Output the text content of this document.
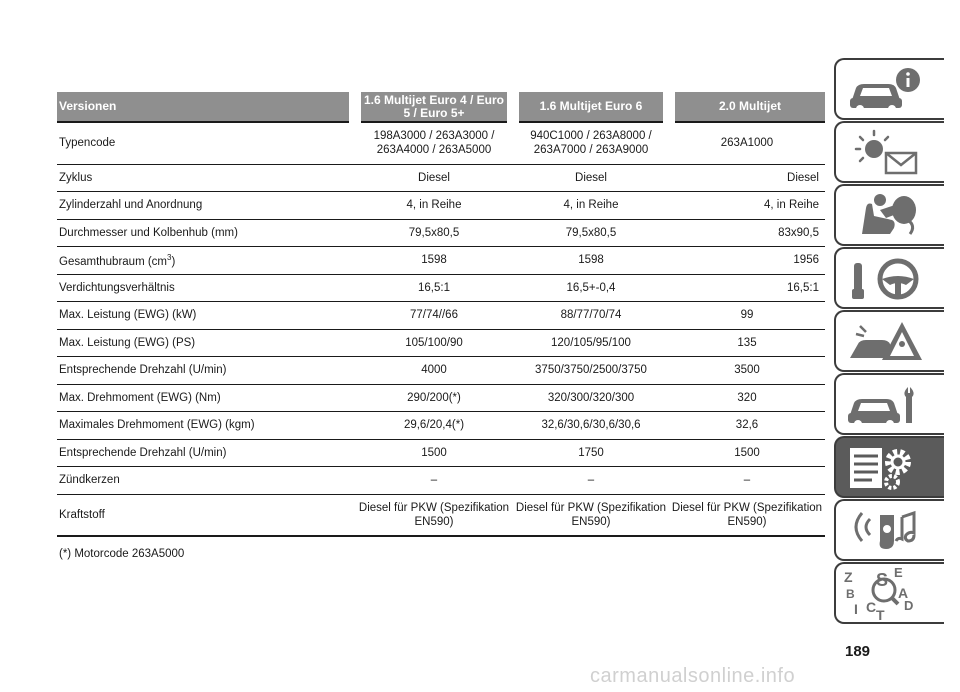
Versionen	1.6 Multijet Euro 4 / Euro 5 / Euro 5+	1.6 Multijet Euro 6	2.0 Multijet
Typencode	198A3000 / 263A3000 / 263A4000 / 263A5000	940C1000 / 263A8000 / 263A7000 / 263A9000	263A1000
Zyklus	Diesel	Diesel	Diesel
Zylinderzahl und Anordnung	4, in Reihe	4, in Reihe	4, in Reihe
Durchmesser und Kolbenhub (mm)	79,5x80,5	79,5x80,5	83x90,5
Gesamthubraum $(cm^3)$	1598	1598	1956
Verdichtungsverhältnis	16,5:1	16,5+-0,4	16,5:1
Max. Leistung (EWG) (kW)	77/74//66	88/77/70/74	99
Max. Leistung (EWG) (PS)	105/100/90	120/105/95/100	135
Entsprechende Drehzahl (U/min)	4000	3750/3750/2500/3750	3500
Max. Drehmoment (EWG) (Nm)	290/200(*)	320/300/320/300	320
Maximales Drehmoment (EWG) (kgm)	29,6/20,4(*)	32,6/30,6/30,6/30,6	32,6
Entsprechende Drehzahl (U/min)	1500	1750	1500
Zündkerzen	–	–	–
Kraftstoff	Diesel für PKW (Spezifikation EN590)	Diesel für PKW (Spezifikation EN590)	Diesel für PKW (Spezifikation EN590)
(*) Motorcode 263A5000
189
carmanualsonline.info
Z	E
S
B	A
I C T
D
